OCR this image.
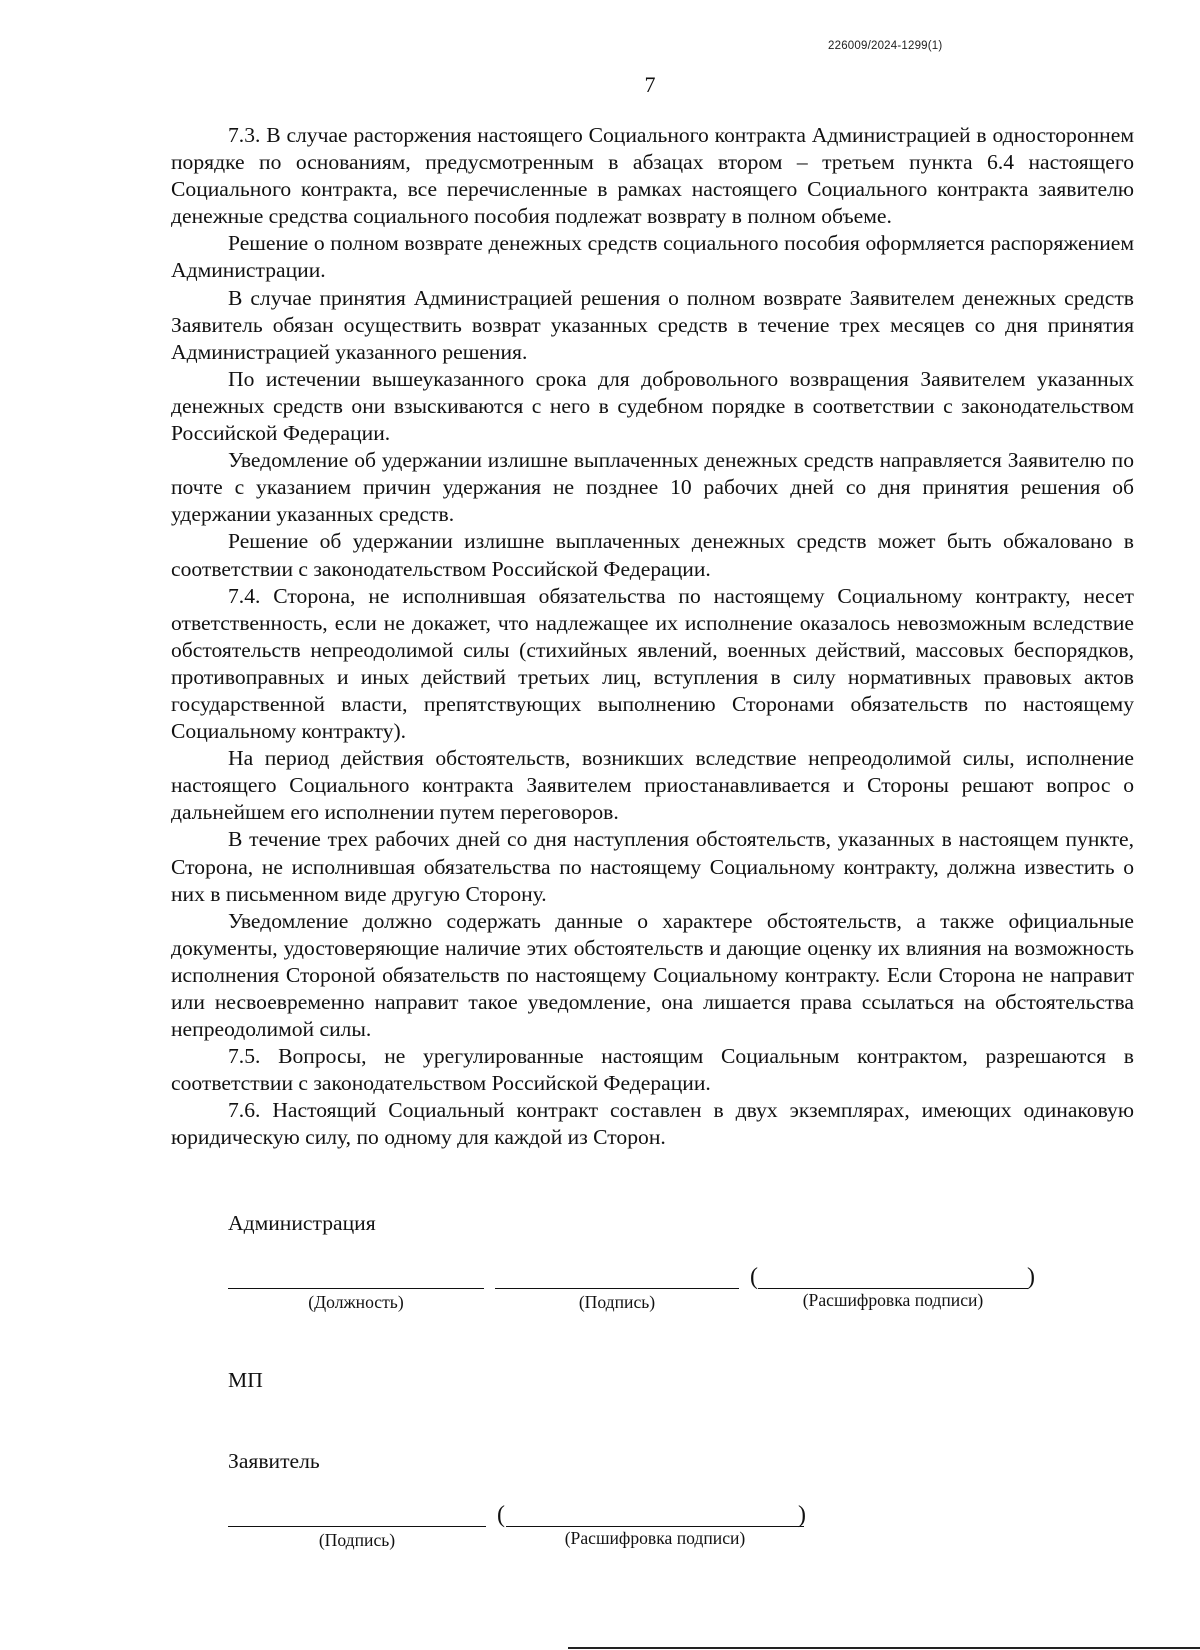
226009/2024-1299(1)
7

7.3. В случае расторжения настоящего Социального контракта Администрацией в одностороннем порядке по основаниям, предусмотренным в абзацах втором – третьем пункта 6.4 настоящего Социального контракта, все перечисленные в рамках настоящего Социального контракта заявителю денежные средства социального пособия подлежат возврату в полном объеме.

Решение о полном возврате денежных средств социального пособия оформляется распоряжением Администрации.

В случае принятия Администрацией решения о полном возврате Заявителем денежных средств Заявитель обязан осуществить возврат указанных средств в течение трех месяцев со дня принятия Администрацией указанного решения.

По истечении вышеуказанного срока для добровольного возвращения Заявителем указанных денежных средств они взыскиваются с него в судебном порядке в соответствии с законодательством Российской Федерации.

Уведомление об удержании излишне выплаченных денежных средств направляется Заявителю по почте с указанием причин удержания не позднее 10 рабочих дней со дня принятия решения об удержании указанных средств.

Решение об удержании излишне выплаченных денежных средств может быть обжаловано в соответствии с законодательством Российской Федерации.

7.4. Сторона, не исполнившая обязательства по настоящему Социальному контракту, несет ответственность, если не докажет, что надлежащее их исполнение оказалось невозможным вследствие обстоятельств непреодолимой силы (стихийных явлений, военных действий, массовых беспорядков, противоправных и иных действий третьих лиц, вступления в силу нормативных правовых актов государственной власти, препятствующих выполнению Сторонами обязательств по настоящему Социальному контракту).

На период действия обстоятельств, возникших вследствие непреодолимой силы, исполнение настоящего Социального контракта Заявителем приостанавливается и Стороны решают вопрос о дальнейшем его исполнении путем переговоров.

В течение трех рабочих дней со дня наступления обстоятельств, указанных в настоящем пункте, Сторона, не исполнившая обязательства по настоящему Социальному контракту, должна известить о них в письменном виде другую Сторону.

Уведомление должно содержать данные о характере обстоятельств, а также официальные документы, удостоверяющие наличие этих обстоятельств и дающие оценку их влияния на возможность исполнения Стороной обязательств по настоящему Социальному контракту. Если Сторона не направит или несвоевременно направит такое уведомление, она лишается права ссылаться на обстоятельства непреодолимой силы.

7.5. Вопросы, не урегулированные настоящим Социальным контрактом, разрешаются в соответствии с законодательством Российской Федерации.

7.6. Настоящий Социальный контракт составлен в двух экземплярах, имеющих одинаковую юридическую силу, по одному для каждой из Сторон.

Администрация
(	)
(Должность)	(Подпись)	(Расшифровка подписи)
МП
Заявитель
(	)
(Подпись)	(Расшифровка подписи)
